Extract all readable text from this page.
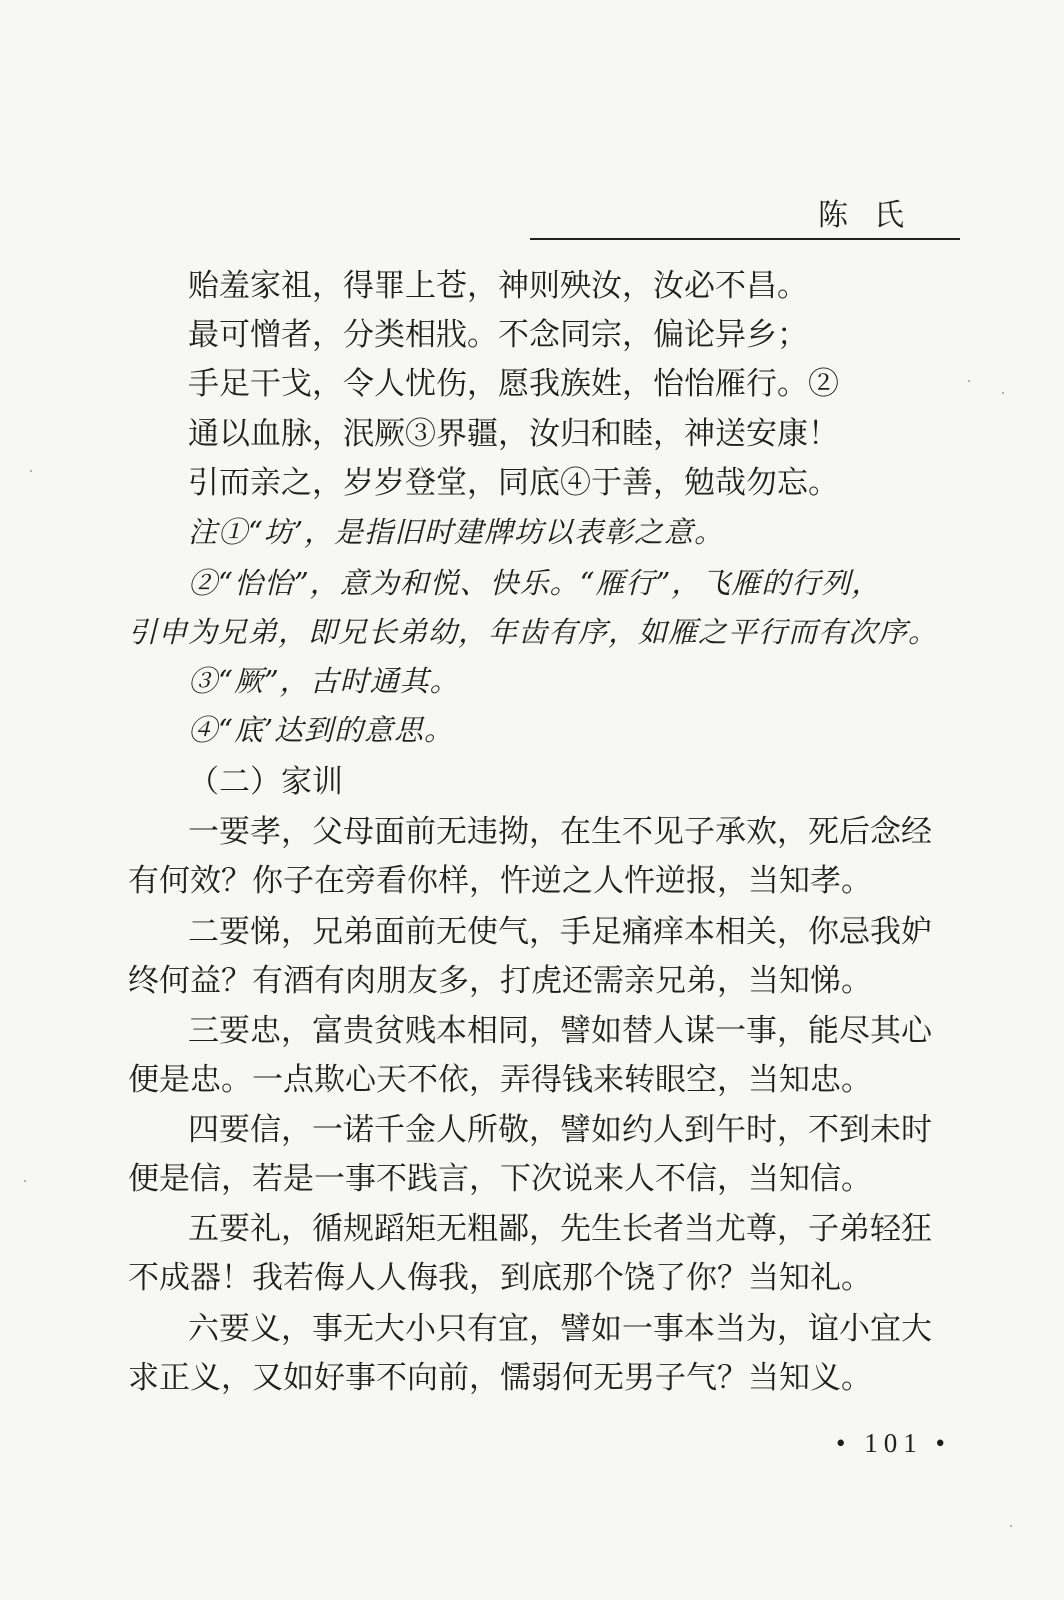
陈氏
贻羞家祖，得罪上苍，神则殃汝，汝必不昌。
最可憎者，分类相戕。不念同宗，偏论异乡；
手足干戈，令人忧伤，愿我族姓，怡怡雁行。②
通以血脉，泯厥③界疆，汝归和睦，神送安康！
引而亲之，岁岁登堂，同底④于善，勉哉勿忘。
注①“坊’，是指旧时建牌坊以表彰之意。
②“怡怡”，意为和悦、快乐。“雁行”，飞雁的行列，
引申为兄弟，即兄长弟幼，年齿有序，如雁之平行而有次序。
③“厥”，古时通其。
④“底’达到的意思。
（二）家训
一要孝，父母面前无违拗，在生不见子承欢，死后念经
有何效？你子在旁看你样，忤逆之人忤逆报，当知孝。
二要悌，兄弟面前无使气，手足痛痒本相关，你忌我妒
终何益？有酒有肉朋友多，打虎还需亲兄弟，当知悌。
三要忠，富贵贫贱本相同，譬如替人谋一事，能尽其心
便是忠。一点欺心天不依，弄得钱来转眼空，当知忠。
四要信，一诺千金人所敬，譬如约人到午时，不到未时
便是信，若是一事不践言，下次说来人不信，当知信。
五要礼，循规蹈矩无粗鄙，先生长者当尤尊，子弟轻狂
不成器！我若侮人人侮我，到底那个饶了你？当知礼。
六要义，事无大小只有宜，譬如一事本当为，谊小宜大
求正义，又如好事不向前，懦弱何无男子气？当知义。
• 101 •
